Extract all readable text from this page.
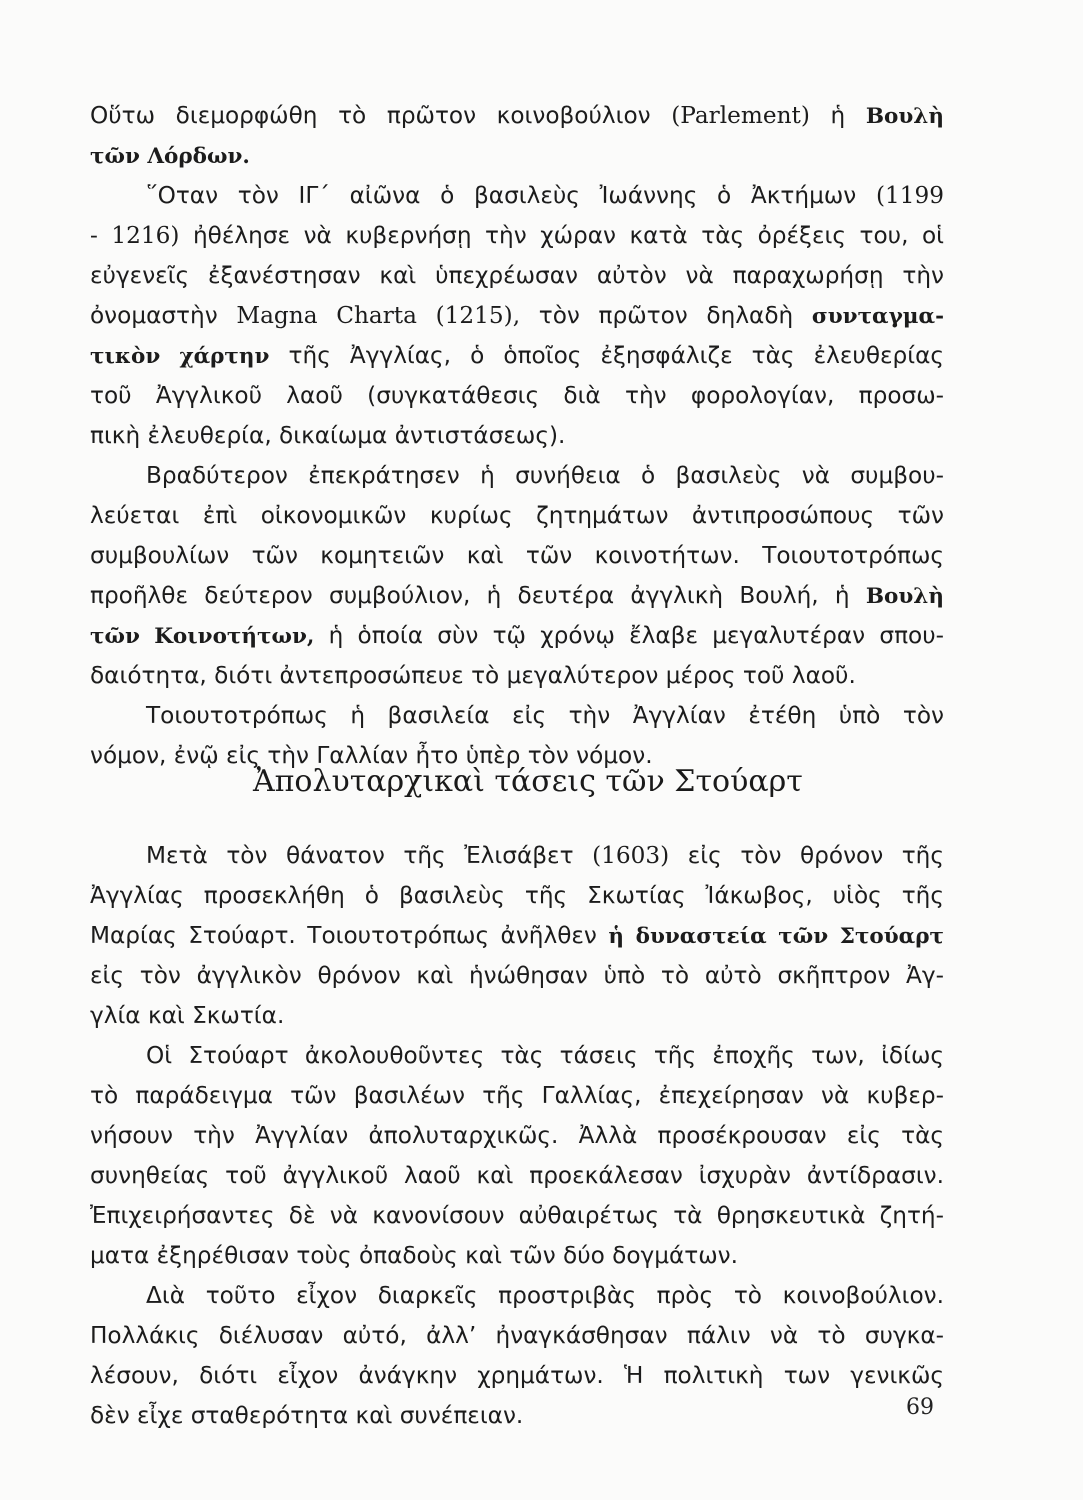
Οὕτω διεμορφώθη τὸ πρῶτον κοινοβούλιον (Parlement) ἡ Βουλὴ
τῶν Λόρδων.
῞Οταν τὸν ΙΓ΄ αἰῶνα ὁ βασιλεὺς Ἰωάννης ὁ Ἀκτήμων (1199
- 1216) ἠθέλησε νὰ κυβερνήσῃ τὴν χώραν κατὰ τὰς ὀρέξεις του, οἱ
εὐγενεῖς ἐξανέστησαν καὶ ὑπεχρέωσαν αὐτὸν νὰ παραχωρήσῃ τὴν
ὀνομαστὴν Magna Charta (1215), τὸν πρῶτον δηλαδὴ συνταγμα-
τικὸν χάρτην τῆς Ἀγγλίας, ὁ ὁποῖος ἐξησφάλιζε τὰς ἐλευθερίας
τοῦ Ἀγγλικοῦ λαοῦ (συγκατάθεσις διὰ τὴν φορολογίαν, προσω-
πικὴ ἐλευθερία, δικαίωμα ἀντιστάσεως).
Βραδύτερον ἐπεκράτησεν ἡ συνήθεια ὁ βασιλεὺς νὰ συμβου-
λεύεται ἐπὶ οἰκονομικῶν κυρίως ζητημάτων ἀντιπροσώπους τῶν
συμβουλίων τῶν κομητειῶν καὶ τῶν κοινοτήτων. Τοιουτοτρόπως
προῆλθε δεύτερον συμβούλιον, ἡ δευτέρα ἀγγλικὴ Βουλή, ἡ Βουλὴ
τῶν Κοινοτήτων, ἡ ὁποία σὺν τῷ χρόνῳ ἔλαβε μεγαλυτέραν σπου-
δαιότητα, διότι ἀντεπροσώπευε τὸ μεγαλύτερον μέρος τοῦ λαοῦ.
Τοιουτοτρόπως ἡ βασιλεία εἰς τὴν Ἀγγλίαν ἐτέθη ὑπὸ τὸν
νόμον, ἐνῷ εἰς τὴν Γαλλίαν ἦτο ὑπὲρ τὸν νόμον.
Ἀπολυταρχικαὶ τάσεις τῶν Στούαρτ
Μετὰ τὸν θάνατον τῆς Ἐλισάβετ (1603) εἰς τὸν θρόνον τῆς
Ἀγγλίας προσεκλήθη ὁ βασιλεὺς τῆς Σκωτίας Ἰάκωβος, υἱὸς τῆς
Μαρίας Στούαρτ. Τοιουτοτρόπως ἀνῆλθεν ἡ δυναστεία τῶν Στούαρτ
εἰς τὸν ἀγγλικὸν θρόνον καὶ ἡνώθησαν ὑπὸ τὸ αὐτὸ σκῆπτρον Ἀγ-
γλία καὶ Σκωτία.
Οἱ Στούαρτ ἀκολουθοῦντες τὰς τάσεις τῆς ἐποχῆς των, ἰδίως
τὸ παράδειγμα τῶν βασιλέων τῆς Γαλλίας, ἐπεχείρησαν νὰ κυβερ-
νήσουν τὴν Ἀγγλίαν ἀπολυταρχικῶς. Ἀλλὰ προσέκρουσαν εἰς τὰς
συνηθείας τοῦ ἀγγλικοῦ λαοῦ καὶ προεκάλεσαν ἰσχυρὰν ἀντίδρασιν.
Ἐπιχειρήσαντες δὲ νὰ κανονίσουν αὐθαιρέτως τὰ θρησκευτικὰ ζητή-
ματα ἐξηρέθισαν τοὺς ὀπαδοὺς καὶ τῶν δύο δογμάτων.
Διὰ τοῦτο εἶχον διαρκεῖς προστριβὰς πρὸς τὸ κοινοβούλιον.
Πολλάκις διέλυσαν αὐτό, ἀλλ’ ἠναγκάσθησαν πάλιν νὰ τὸ συγκα-
λέσουν, διότι εἶχον ἀνάγκην χρημάτων. Ἡ πολιτικὴ των γενικῶς
δὲν εἶχε σταθερότητα καὶ συνέπειαν.	69
